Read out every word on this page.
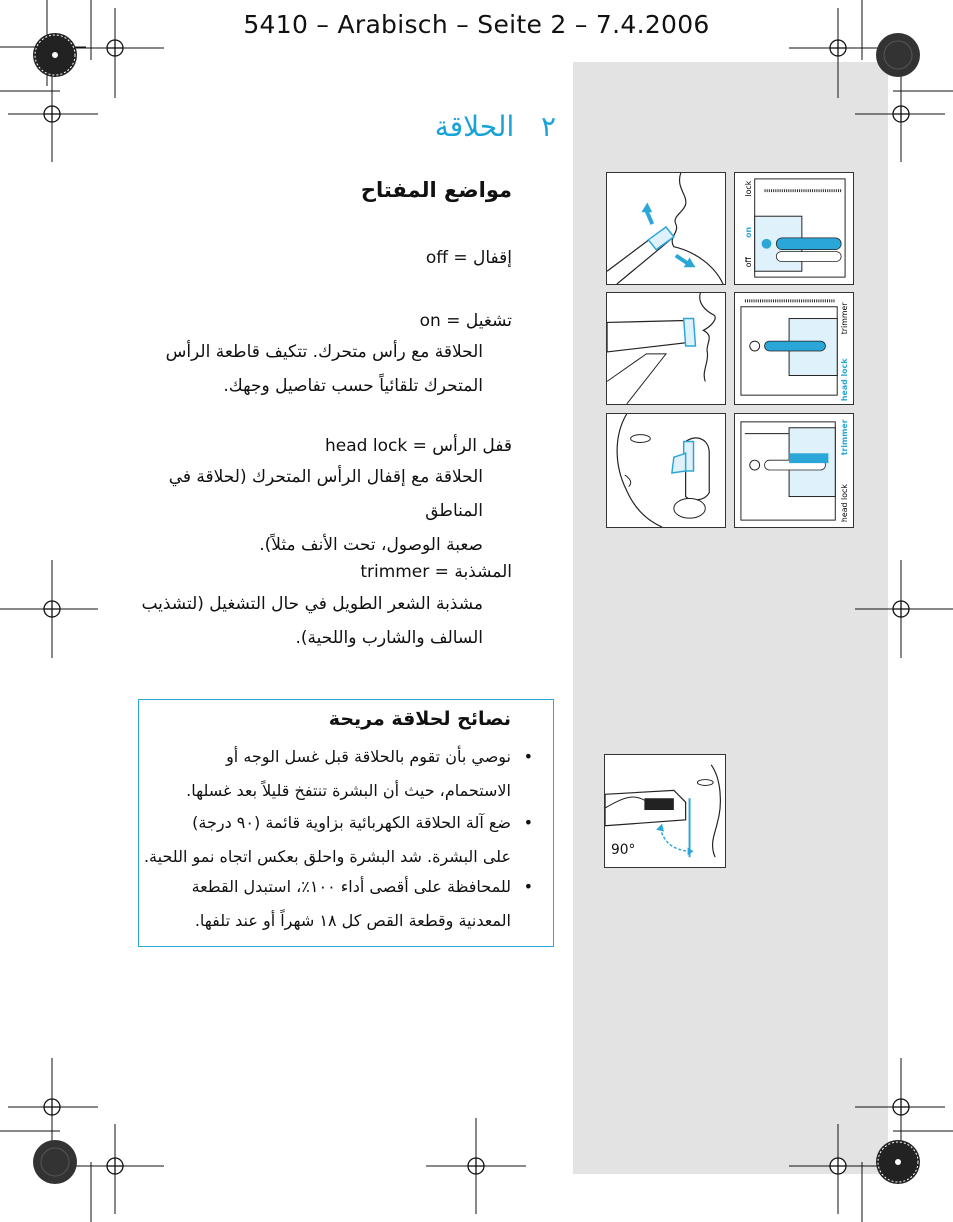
5410 – Arabisch – Seite 2 – 7.4.2006
٢   الحلاقة
مواضع المفتاح
off = إقفال
on = تشغيل
الحلاقة مع رأس متحرك. تتكيف قاطعة الرأس
المتحرك تلقائياً حسب تفاصيل وجهك.
head lock = قفل الرأس
الحلاقة مع إقفال الرأس المتحرك (لحلاقة في المناطق
صعبة الوصول، تحت الأنف مثلاً).
trimmer = المشذبة
مشذبة الشعر الطويل في حال التشغيل (لتشذيب
السالف والشارب واللحية).
نصائح لحلاقة مريحة
•
نوصي بأن تقوم بالحلاقة قبل غسل الوجه أو
الاستحمام، حيث أن البشرة تنتفخ قليلاً بعد غسلها.
•
ضع آلة الحلاقة الكهربائية بزاوية قائمة (٩٠ درجة)
على البشرة. شد البشرة واحلق بعكس اتجاه نمو اللحية.
•
للمحافظة على أقصى أداء ١٠٠٪، استبدل القطعة
المعدنية وقطعة القص كل ١٨ شهراً أو عند تلفها.
off
on
lock
head lock
trimmer
trimmer
head lock
90°
